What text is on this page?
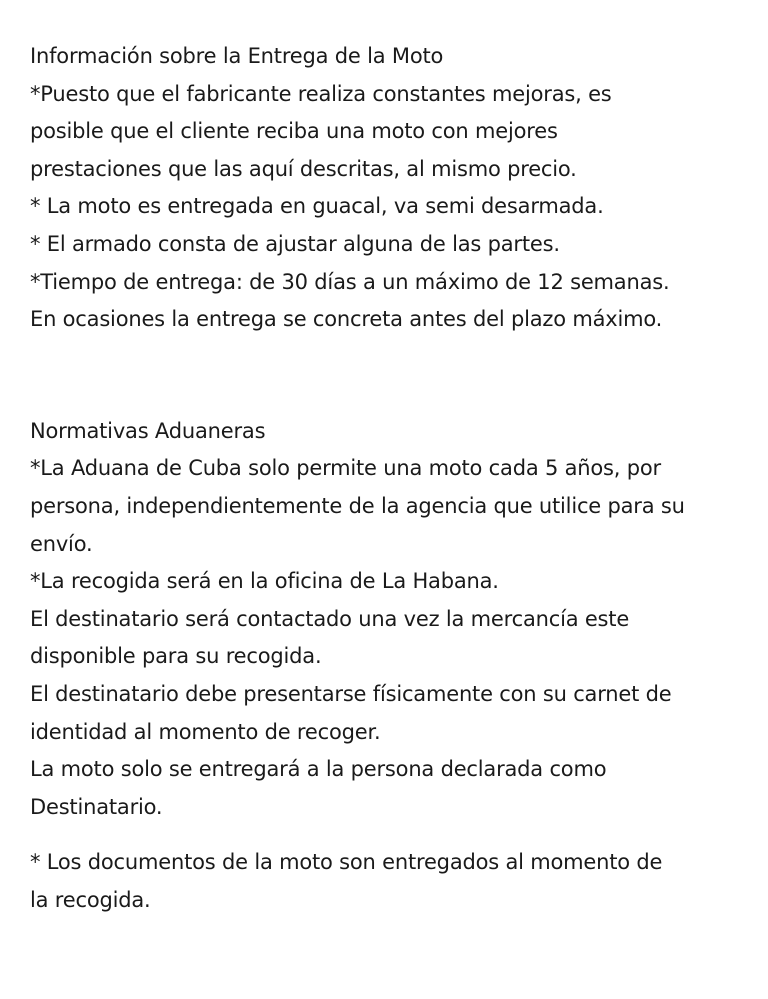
Información sobre la Entrega de la Moto
*Puesto que el fabricante realiza constantes mejoras, es
posible que el cliente reciba una moto con mejores
prestaciones que las aquí descritas, al mismo precio.
* La moto es entregada en guacal, va semi desarmada.
* El armado consta de ajustar alguna de las partes.
*Tiempo de entrega: de 30 días a un máximo de 12 semanas.
En ocasiones la entrega se concreta antes del plazo máximo.
Normativas Aduaneras
*La Aduana de Cuba solo permite una moto cada 5 años, por
persona, independientemente de la agencia que utilice para su
envío.
*La recogida será en la oficina de La Habana.
El destinatario será contactado una vez la mercancía este
disponible para su recogida.
El destinatario debe presentarse físicamente con su carnet de
identidad al momento de recoger.
La moto solo se entregará a la persona declarada como
Destinatario.
* Los documentos de la moto son entregados al momento de
la recogida.
